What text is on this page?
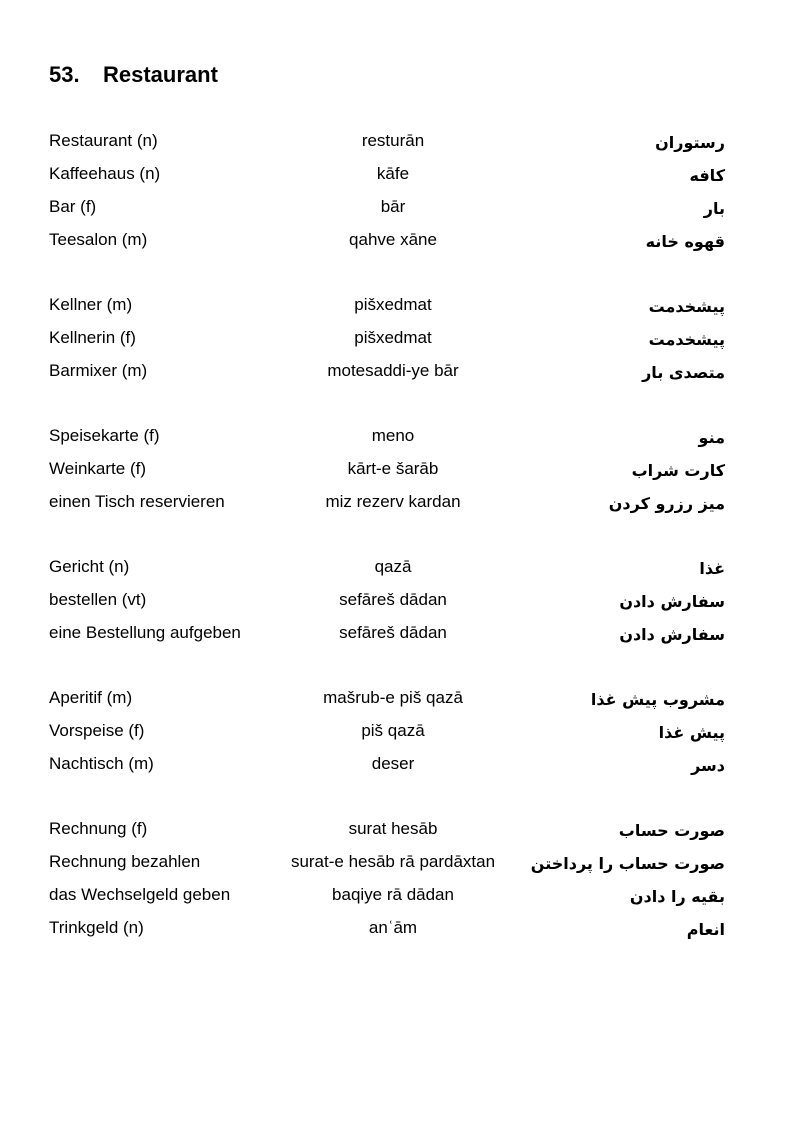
53. Restaurant
Restaurant (n)	resturān	رستوران
Kaffeehaus (n)	kāfe	کافه
Bar (f)	bār	بار
Teesalon (m)	qahve xāne	قهوه خانه
Kellner (m)	pišxedmat	پیشخدمت
Kellnerin (f)	pišxedmat	پیشخدمت
Barmixer (m)	motesaddi-ye bār	متصدی بار
Speisekarte (f)	meno	منو
Weinkarte (f)	kārt-e šarāb	کارت شراب
einen Tisch reservieren	miz rezerv kardan	میز رزرو کردن
Gericht (n)	qazā	غذا
bestellen (vt)	sefāreš dādan	سفارش دادن
eine Bestellung aufgeben	sefāreš dādan	سفارش دادن
Aperitif (m)	mašrub-e piš qazā	مشروب پیش غذا
Vorspeise (f)	piš qazā	پیش غذا
Nachtisch (m)	deser	دسر
Rechnung (f)	surat hesāb	صورت حساب
Rechnung bezahlen	surat-e hesāb rā pardāxtan	صورت حساب را پرداختن
das Wechselgeld geben	baqiye rā dādan	بقیه را دادن
Trinkgeld (n)	anʿām	انعام
